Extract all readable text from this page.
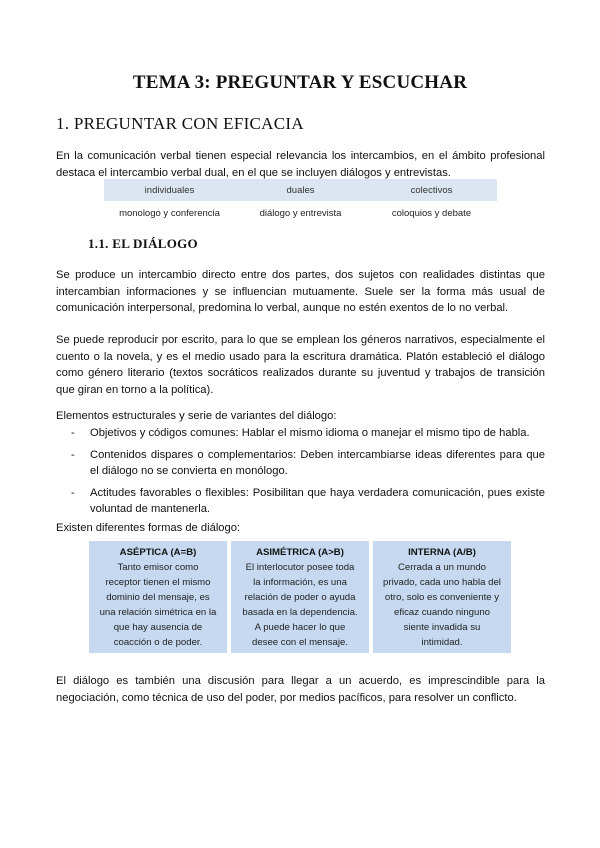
TEMA 3: PREGUNTAR Y ESCUCHAR
1. PREGUNTAR CON EFICACIA
En la comunicación verbal tienen especial relevancia los intercambios, en el ámbito profesional destaca el intercambio verbal dual, en el que se incluyen diálogos y entrevistas.
individuales	duales	colectivos
monologo y conferencia	diálogo y entrevista	coloquios y debate
1.1. EL DIÁLOGO
Se produce un intercambio directo entre dos partes, dos sujetos con realidades distintas que intercambian informaciones y se influencian mutuamente. Suele ser la forma más usual de comunicación interpersonal, predomina lo verbal, aunque no estén exentos de lo no verbal.
Se puede reproducir por escrito, para lo que se emplean los géneros narrativos, especialmente el cuento o la novela, y es el medio usado para la escritura dramática. Platón estableció el diálogo como género literario (textos socráticos realizados durante su juventud y trabajos de transición que giran en torno a la política).
Elementos estructurales y serie de variantes del diálogo:
- Objetivos y códigos comunes: Hablar el mismo idioma o manejar el mismo tipo de habla.
- Contenidos dispares o complementarios: Deben intercambiarse ideas diferentes para que el diálogo no se convierta en monólogo.
- Actitudes favorables o flexibles: Posibilitan que haya verdadera comunicación, pues existe voluntad de mantenerla.
Existen diferentes formas de diálogo:
ASÉPTICA (A=B)
Tanto emisor como receptor tienen el mismo dominio del mensaje, es una relación simétrica en la que hay ausencia de coacción o de poder.
ASIMÉTRICA (A>B)
El interlocutor posee toda la información, es una relación de poder o ayuda basada en la dependencia. A puede hacer lo que desee con el mensaje.
INTERNA (A/B)
Cerrada a un mundo privado, cada uno habla del otro, solo es conveniente y eficaz cuando ninguno siente invadida su intimidad.
El diálogo es también una discusión para llegar a un acuerdo, es imprescindible para la negociación, como técnica de uso del poder, por medios pacíficos, para resolver un conflicto.
